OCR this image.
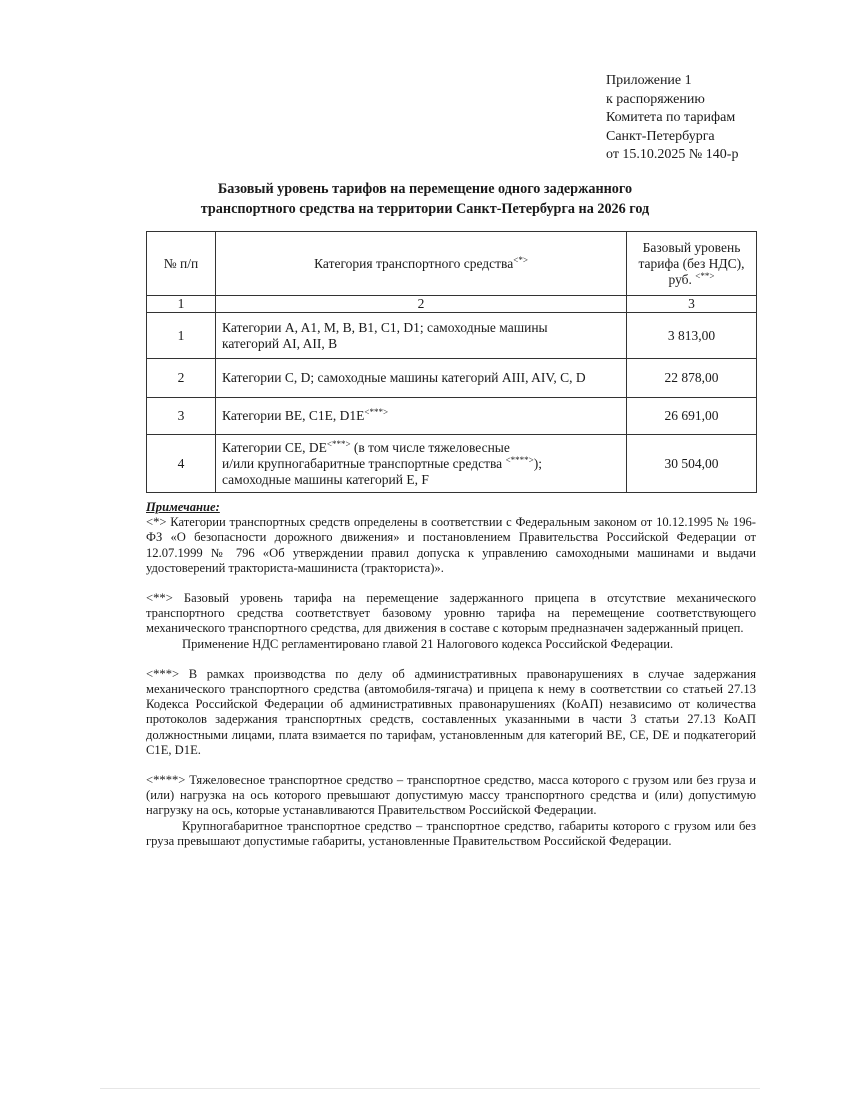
Приложение 1
к распоряжению
Комитета по тарифам
Санкт-Петербурга
от 15.10.2025 № 140-р
Базовый уровень тарифов на перемещение одного задержанного
транспортного средства на территории Санкт-Петербурга на 2026 год
№ п/п	Категория транспортного средства<*>	Базовый уровень
тарифа (без НДС),
руб. <**>

1	2	3
1	Категории A, A1, M, B, B1, C1, D1; самоходные машины
категорий AI, AII, B	3 813,00
2	Категории C, D; самоходные машины категорий AIII, AIV, C, D	22 878,00
3	Категории BE, C1E, D1E<***>	26 691,00
4	Категории CE, DE<***> (в том числе тяжеловесные
и/или крупногабаритные транспортные средства <****>);
самоходные машины категорий E, F	30 504,00

Примечание:

<*> Категории транспортных средств определены в соответствии с Федеральным законом от 10.12.1995 № 196-ФЗ «О безопасности дорожного движения» и постановлением Правительства Российской Федерации от 12.07.1999 № 796 «Об утверждении правил допуска к управлению самоходными машинами и выдачи удостоверений тракториста-машиниста (тракториста)».

<**> Базовый уровень тарифа на перемещение задержанного прицепа в отсутствие механического транспортного средства соответствует базовому уровню тарифа на перемещение соответствующего механического транспортного средства, для движения в составе с которым предназначен задержанный прицеп.

Применение НДС регламентировано главой 21 Налогового кодекса Российской Федерации.

<***> В рамках производства по делу об административных правонарушениях в случае задержания механического транспортного средства (автомобиля-тягача) и прицепа к нему в соответствии со статьей 27.13 Кодекса Российской Федерации об административных правонарушениях (КоАП) независимо от количества протоколов задержания транспортных средств, составленных указанными в части 3 статьи 27.13 КоАП должностными лицами, плата взимается по тарифам, установленным для категорий BE, CE, DE и подкатегорий C1E, D1E.

<****> Тяжеловесное транспортное средство – транспортное средство, масса которого с грузом или без груза и (или) нагрузка на ось которого превышают допустимую массу транспортного средства и (или) допустимую нагрузку на ось, которые устанавливаются Правительством Российской Федерации.

Крупногабаритное транспортное средство – транспортное средство, габариты которого с грузом или без груза превышают допустимые габариты, установленные Правительством Российской Федерации.
